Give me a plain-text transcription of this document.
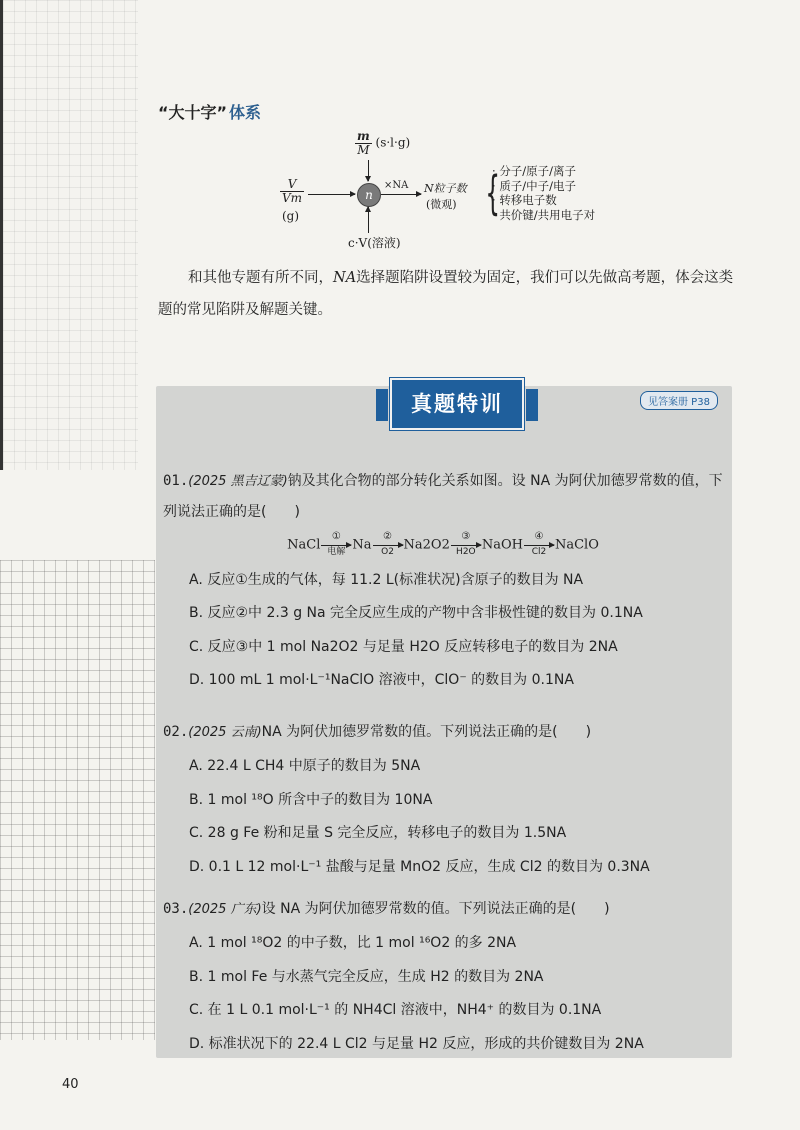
“大十字” 体系
$\frac{m}{M} (s\cdot l\cdot g)$
$\frac{V}{Vm}$
(g)
n
×NA N粒子数
(微观) { · 分子/原子/离子
· 质子/中子/电子
· 转移电子数
· 共价键/共用电子对
c·V(溶液)
和其他专题有所不同，NA选择题陷阱设置较为固定，我们可以先做高考题，体会这类题的常见陷阱及解题关键。
真题特训	见答案册 P38
01.(2025 黑吉辽蒙)钠及其化合物的部分转化关系如图。设 NA 为阿伏加德罗常数的值，下列说法正确的是(　　)
NaCl
①
电解 Na
②
O2 Na2O2
③
H2O NaOH
④
Cl2 NaClO
A. 反应①生成的气体，每 11.2 L(标准状况)含原子的数目为 NA
B. 反应②中 2.3 g Na 完全反应生成的产物中含非极性键的数目为 0.1NA
C. 反应③中 1 mol Na2O2 与足量 H2O 反应转移电子的数目为 2NA
D. 100 mL 1 mol·L⁻¹NaClO 溶液中，ClO⁻ 的数目为 0.1NA
02.(2025 云南)NA 为阿伏加德罗常数的值。下列说法正确的是(　　)
A. 22.4 L CH4 中原子的数目为 5NA
B. 1 mol ¹⁸O 所含中子的数目为 10NA
C. 28 g Fe 粉和足量 S 完全反应，转移电子的数目为 1.5NA
D. 0.1 L 12 mol·L⁻¹ 盐酸与足量 MnO2 反应，生成 Cl2 的数目为 0.3NA
03.(2025 广东)设 NA 为阿伏加德罗常数的值。下列说法正确的是(　　)
A. 1 mol ¹⁸O2 的中子数，比 1 mol ¹⁶O2 的多 2NA
B. 1 mol Fe 与水蒸气完全反应，生成 H2 的数目为 2NA
C. 在 1 L 0.1 mol·L⁻¹ 的 NH4Cl 溶液中，NH4⁺ 的数目为 0.1NA
D. 标准状况下的 22.4 L Cl2 与足量 H2 反应，形成的共价键数目为 2NA
40
